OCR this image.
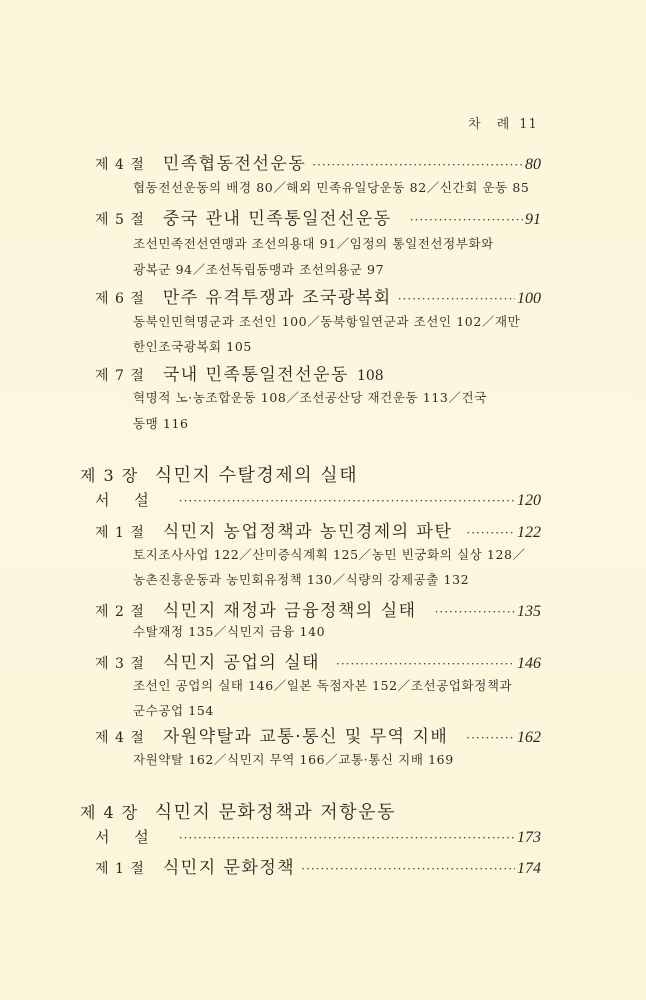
차 례 11
제 4 절 민족협동전선운동 ·····	80
협동전선운동의 배경 80／해외 민족유일당운동 82／신간회 운동 85
제 5 절 중국 관내 민족통일전선운동 ·····	91
조선민족전선연맹과 조선의용대 91／임정의 통일전선정부화와
광복군 94／조선독립동맹과 조선의용군 97
제 6 절 만주 유격투쟁과 조국광복회 ·····	100
동북인민혁명군과 조선인 100／동북항일연군과 조선인 102／재만
한인조국광복회 105
제 7 절 국내 민족통일전선운동 108
혁명적 노·농조합운동 108／조선공산당 재건운동 113／건국
동맹 116
제 3 장 식민지 수탈경제의 실태
서 설 ·····	120
제 1 절 식민지 농업정책과 농민경제의 파탄 ·····	122
토지조사사업 122／산미증식계획 125／농민 빈궁화의 실상 128／
농촌진흥운동과 농민회유정책 130／식량의 강제공출 132
제 2 절 식민지 재정과 금융정책의 실태 ·····	135
수탈재정 135／식민지 금융 140
제 3 절 식민지 공업의 실태 ·····	146
조선인 공업의 실태 146／일본 독점자본 152／조선공업화정책과
군수공업 154
제 4 절 자원약탈과 교통·통신 및 무역 지배 ·····	162
자원약탈 162／식민지 무역 166／교통·통신 지배 169
제 4 장 식민지 문화정책과 저항운동
서 설 ·····	173
제 1 절 식민지 문화정책 ·····	174
